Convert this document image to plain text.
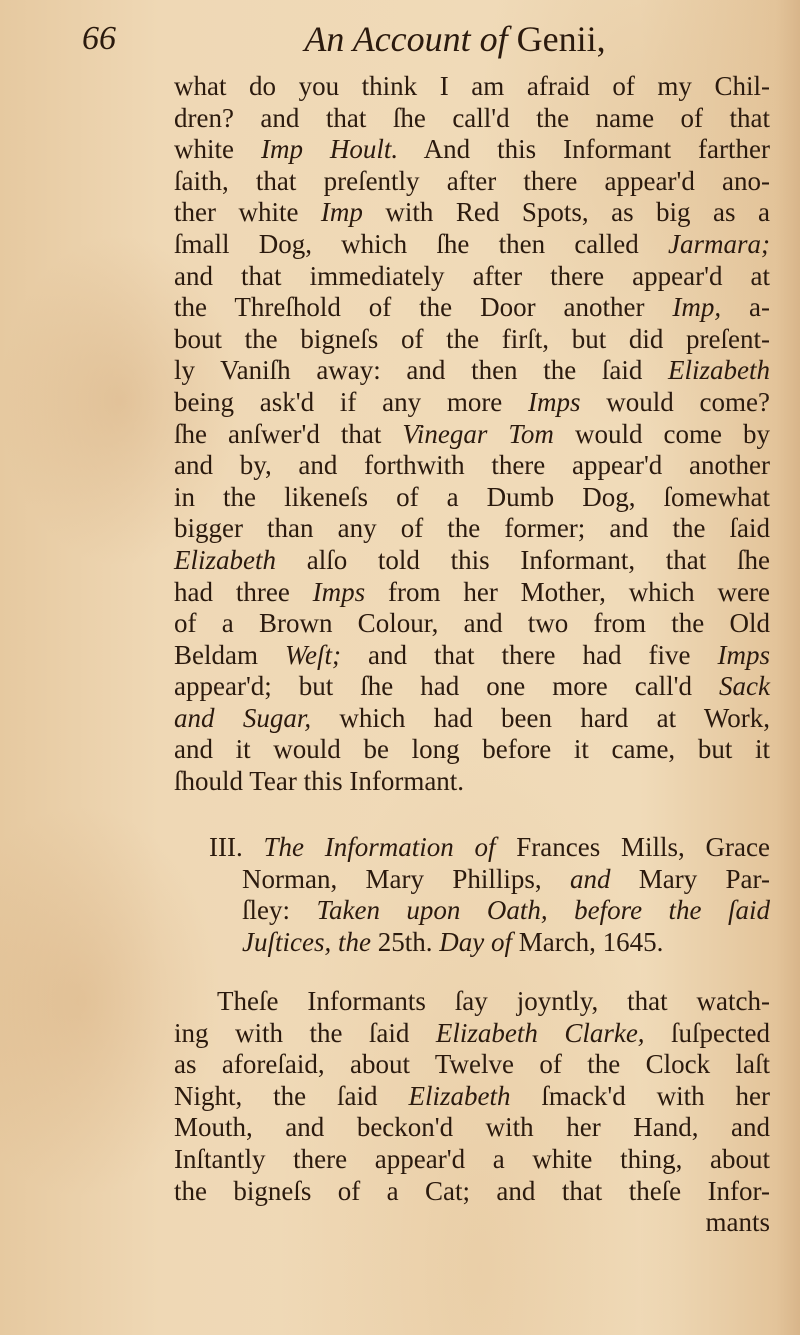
66	An Account of Genii,
what do you think I am afraid of my Chil-
dren? and that ſhe call'd the name of that
white Imp Hoult. And this Informant farther
ſaith, that preſently after there appear'd ano-
ther white Imp with Red Spots, as big as a
ſmall Dog, which ſhe then called Jarmara;
and that immediately after there appear'd at
the Threſhold of the Door another Imp, a-
bout the bigneſs of the firſt, but did preſent-
ly Vaniſh away: and then the ſaid Elizabeth
being ask'd if any more Imps would come?
ſhe anſwer'd that Vinegar Tom would come by
and by, and forthwith there appear'd another
in the likeneſs of a Dumb Dog, ſomewhat
bigger than any of the former; and the ſaid
Elizabeth alſo told this Informant, that ſhe
had three Imps from her Mother, which were
of a Brown Colour, and two from the Old
Beldam Weſt; and that there had five Imps
appear'd; but ſhe had one more call'd Sack
and Sugar, which had been hard at Work,
and it would be long before it came, but it
ſhould Tear this Informant.
III. The Information of Frances Mills, Grace
Norman, Mary Phillips, and Mary Par-
ſley: Taken upon Oath, before the ſaid
Juſtices, the 25th. Day of March, 1645.
Theſe Informants ſay joyntly, that watch-
ing with the ſaid Elizabeth Clarke, ſuſpected
as aforeſaid, about Twelve of the Clock laſt
Night, the ſaid Elizabeth ſmack'd with her
Mouth, and beckon'd with her Hand, and
Inſtantly there appear'd a white thing, about
the bigneſs of a Cat; and that theſe Infor-
mants
